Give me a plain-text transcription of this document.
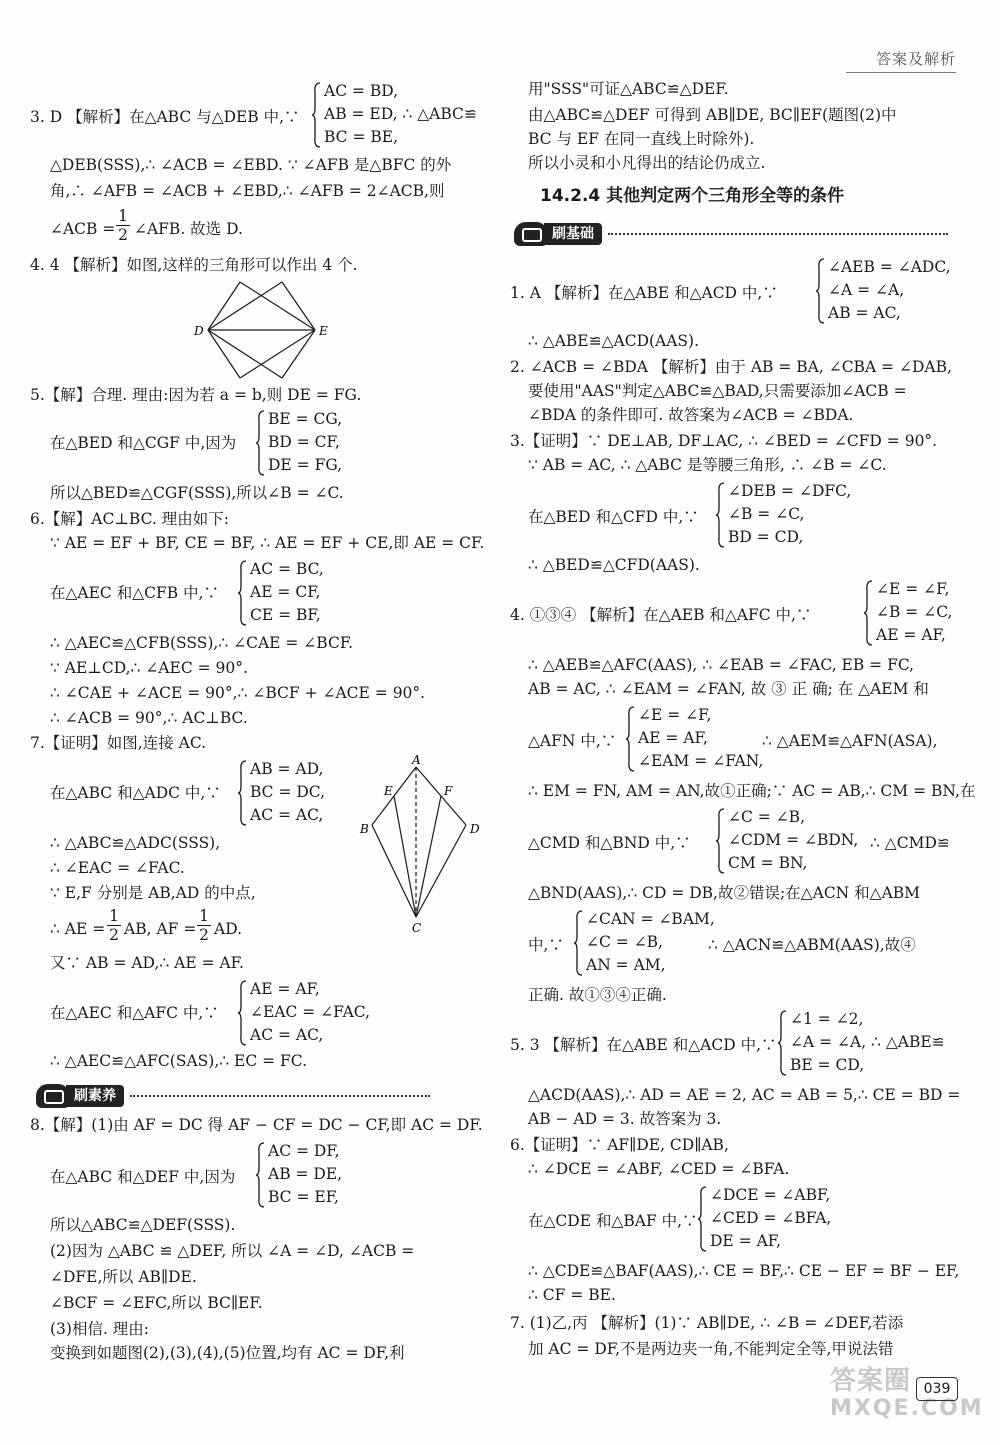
答案及解析
3. D 【解析】在△ABC 与△DEB 中,∵
AC = BD,
AB = ED, ∴ △ABC≌
BC = BE,
△DEB(SSS),∴ ∠ACB = ∠EBD. ∵ ∠AFB 是△BFC 的外
角,∴ ∠AFB = ∠ACB + ∠EBD,∴ ∠AFB = 2∠ACB,则
∠ACB = $\frac{1}{2}$ ∠AFB. 故选 D.
4. 4 【解析】如图,这样的三角形可以作出 4 个.
D	E
5.【解】合理. 理由:因为若 a = b,则 DE = FG.
在△BED 和△CGF 中,因为
BE = CG,
BD = CF,
DE = FG,
所以△BED≌△CGF(SSS),所以∠B = ∠C.
6.【解】AC⊥BC. 理由如下:
∵ AE = EF + BF, CE = BF, ∴ AE = EF + CE,即 AE = CF.
在△AEC 和△CFB 中,∵
AC = BC,
AE = CF,
CE = BF,
∴ △AEC≌△CFB(SSS),∴ ∠CAE = ∠BCF.
∵ AE⊥CD,∴ ∠AEC = 90°.
∴ ∠CAE + ∠ACE = 90°,∴ ∠BCF + ∠ACE = 90°.
∴ ∠ACB = 90°,∴ AC⊥BC.
7.【证明】如图,连接 AC.
在△ABC 和△ADC 中,∵
AB = AD,
BC = DC,
AC = AC,
∴ △ABC≌△ADC(SSS),
∴ ∠EAC = ∠FAC.
∵ E,F 分别是 AB,AD 的中点,
∴ AE = $\frac{1}{2}$ AB, AF = $\frac{1}{2}$ AD.
又∵ AB = AD,∴ AE = AF.
在△AEC 和△AFC 中,∵
AE = AF,
∠EAC = ∠FAC,
AC = AC,
∴ △AEC≌△AFC(SAS),∴ EC = FC.
A
B
C
D
E	F
刷素养
8.【解】(1)由 AF = DC 得 AF − CF = DC − CF,即 AC = DF.
在△ABC 和△DEF 中,因为
AC = DF,
AB = DE,
BC = EF,
所以△ABC≌△DEF(SSS).
(2)因为 △ABC ≌ △DEF, 所以 ∠A = ∠D, ∠ACB =
∠DFE,所以 AB∥DE.
∠BCF = ∠EFC,所以 BC∥EF.
(3)相信. 理由:
变换到如题图(2),(3),(4),(5)位置,均有 AC = DF,利
用"SSS"可证△ABC≌△DEF.
由△ABC≌△DEF 可得到 AB∥DE, BC∥EF(题图(2)中
BC 与 EF 在同一直线上时除外).
所以小灵和小凡得出的结论仍成立.
14.2.4 其他判定两个三角形全等的条件
刷基础
1. A 【解析】在△ABE 和△ACD 中,∵
∠AEB = ∠ADC,
∠A = ∠A,
AB = AC,
∴ △ABE≌△ACD(AAS).
2. ∠ACB = ∠BDA 【解析】由于 AB = BA, ∠CBA = ∠DAB,
要使用"AAS"判定△ABC≌△BAD,只需要添加∠ACB =
∠BDA 的条件即可. 故答案为∠ACB = ∠BDA.
3.【证明】∵ DE⊥AB, DF⊥AC, ∴ ∠BED = ∠CFD = 90°.
∵ AB = AC, ∴ △ABC 是等腰三角形, ∴ ∠B = ∠C.
在△BED 和△CFD 中,∵
∠DEB = ∠DFC,
∠B = ∠C,
BD = CD,
∴ △BED≌△CFD(AAS).
4. ①③④ 【解析】在△AEB 和△AFC 中,∵
∠E = ∠F,
∠B = ∠C,
AE = AF,
∴ △AEB≌△AFC(AAS), ∴ ∠EAB = ∠FAC, EB = FC,
AB = AC, ∴ ∠EAM = ∠FAN, 故 ③ 正 确; 在 △AEM 和
△AFN 中,∵
∠E = ∠F,
AE = AF,
∠EAM = ∠FAN,
∴ △AEM≌△AFN(ASA),
∴ EM = FN, AM = AN,故①正确;∵ AC = AB,∴ CM = BN,在
△CMD 和△BND 中,∵
∠C = ∠B,
∠CDM = ∠BDN,
CM = BN,
∴ △CMD≌
△BND(AAS),∴ CD = DB,故②错误;在△ACN 和△ABM
中,∵
∠CAN = ∠BAM,
∠C = ∠B,
AN = AM,
∴ △ACN≌△ABM(AAS),故④
正确. 故①③④正确.
5. 3 【解析】在△ABE 和△ACD 中,∵
∠1 = ∠2,
∠A = ∠A, ∴ △ABE≌
BE = CD,
△ACD(AAS),∴ AD = AE = 2, AC = AB = 5,∴ CE = BD =
AB − AD = 3. 故答案为 3.
6.【证明】∵ AF∥DE, CD∥AB,
∴ ∠DCE = ∠ABF, ∠CED = ∠BFA.
在△CDE 和△BAF 中,∵
∠DCE = ∠ABF,
∠CED = ∠BFA,
DE = AF,
∴ △CDE≌△BAF(AAS),∴ CE = BF,∴ CE − EF = BF − EF,
∴ CF = BE.
7. (1)乙,丙 【解析】(1)∵ AB∥DE, ∴ ∠B = ∠DEF,若添
加 AC = DF,不是两边夹一角,不能判定全等,甲说法错
答案圈
MXQE.COM
039
